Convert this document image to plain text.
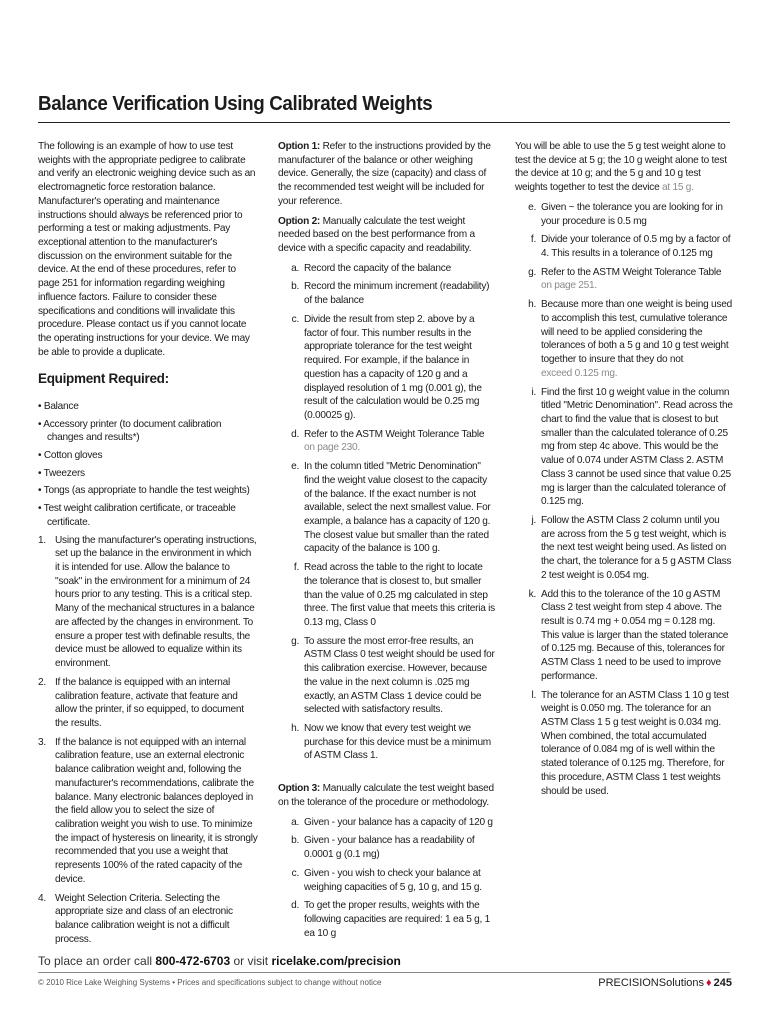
Balance Verification Using Calibrated Weights

The following is an example of how to use test weights with the appropriate pedigree to calibrate and verify an electronic weighing device such as an electromagnetic force restoration balance. Manufacturer's operating and maintenance instructions should always be referenced prior to performing a test or making adjustments. Pay exceptional attention to the manufacturer's discussion on the environment suitable for the device. At the end of these procedures, refer to page 251 for information regarding weighing influence factors. Failure to consider these specifications and conditions will invalidate this procedure. Please contact us if you cannot locate the operating instructions for your device. We may be able to provide a duplicate.

Equipment Required:
• Balance
• Accessory printer (to document calibration changes and results*)
• Cotton gloves
• Tweezers
• Tongs (as appropriate to handle the test weights)
• Test weight calibration certificate, or traceable certificate.
1. Using the manufacturer's operating instructions, set up the balance in the environment in which it is intended for use. Allow the balance to "soak" in the environment for a minimum of 24 hours prior to any testing. This is a critical step. Many of the mechanical structures in a balance are affected by the changes in environment. To ensure a proper test with definable results, the device must be allowed to equalize within its environment.
2. If the balance is equipped with an internal calibration feature, activate that feature and allow the printer, if so equipped, to document the results.
3. If the balance is not equipped with an internal calibration feature, use an external electronic balance calibration weight and, following the manufacturer's recommendations, calibrate the balance. Many electronic balances deployed in the field allow you to select the size of calibration weight you wish to use. To minimize the impact of hysteresis on linearity, it is strongly recommended that you use a weight that represents 100% of the rated capacity of the device.
4. Weight Selection Criteria. Selecting the appropriate size and class of an electronic balance calibration weight is not a difficult process.

Option 1: Refer to the instructions provided by the manufacturer of the balance or other weighing device. Generally, the size (capacity) and class of the recommended test weight will be included for your reference.

Option 2: Manually calculate the test weight needed based on the best performance from a device with a specific capacity and readability.

a. Record the capacity of the balance
b. Record the minimum increment (readability) of the balance
c. Divide the result from step 2. above by a factor of four. This number results in the appropriate tolerance for the test weight required. For example, if the balance in question has a capacity of 120 g and a displayed resolution of 1 mg (0.001 g), the result of the calculation would be 0.25 mg (0.00025 g).
d. Refer to the ASTM Weight Tolerance Table
on page 230.
e. In the column titled "Metric Denomination" find the weight value closest to the capacity of the balance. If the exact number is not available, select the next smallest value. For example, a balance has a capacity of 120 g. The closest value but smaller than the rated capacity of the balance is 100 g.
f. Read across the table to the right to locate the tolerance that is closest to, but smaller than the value of 0.25 mg calculated in step three. The first value that meets this criteria is 0.13 mg, Class 0
g. To assure the most error-free results, an ASTM Class 0 test weight should be used for this calibration exercise. However, because the value in the next column is .025 mg exactly, an ASTM Class 1 device could be selected with satisfactory results.
h. Now we know that every test weight we purchase for this device must be a minimum of ASTM Class 1.

Option 3: Manually calculate the test weight based on the tolerance of the procedure or methodology.

a. Given - your balance has a capacity of 120 g
b. Given - your balance has a readability of 0.0001 g (0.1 mg)
c. Given - you wish to check your balance at weighing capacities of 5 g, 10 g, and 15 g.
d. To get the proper results, weights with the following capacities are required: 1 ea 5 g, 1 ea 10 g

You will be able to use the 5 g test weight alone to test the device at 5 g; the 10 g weight alone to test the device at 10 g; and the 5 g and 10 g test weights together to test the device at 15 g.

e. Given ~ the tolerance you are looking for in your procedure is 0.5 mg
f. Divide your tolerance of 0.5 mg by a factor of 4. This results in a tolerance of 0.125 mg
g. Refer to the ASTM Weight Tolerance Table
on page 251.
h. Because more than one weight is being used to accomplish this test, cumulative tolerance will need to be applied considering the tolerances of both a 5 g and 10 g test weight together to insure that they do not
exceed 0.125 mg.
i. Find the first 10 g weight value in the column titled "Metric Denomination". Read across the chart to find the value that is closest to but smaller than the calculated tolerance of 0.25 mg from step 4c above. This would be the value of 0.074 under ASTM Class 2. ASTM Class 3 cannot be used since that value 0.25 mg is larger than the calculated tolerance of 0.125 mg.
j. Follow the ASTM Class 2 column until you are across from the 5 g test weight, which is the next test weight being used. As listed on the chart, the tolerance for a 5 g ASTM Class 2 test weight is 0.054 mg.
k. Add this to the tolerance of the 10 g ASTM Class 2 test weight from step 4 above. The result is 0.74 mg + 0.054 mg = 0.128 mg. This value is larger than the stated tolerance of 0.125 mg. Because of this, tolerances for ASTM Class 1 need to be used to improve performance.
l. The tolerance for an ASTM Class 1 10 g test weight is 0.050 mg. The tolerance for an ASTM Class 1 5 g test weight is 0.034 mg. When combined, the total accumulated tolerance of 0.084 mg of is well within the stated tolerance of 0.125 mg. Therefore, for this procedure, ASTM Class 1 test weights should be used.
To place an order call 800-472-6703 or visit ricelake.com/precision
© 2010 Rice Lake Weighing Systems • Prices and specifications subject to change without notice	PRECISIONSolutions ♦ 245
